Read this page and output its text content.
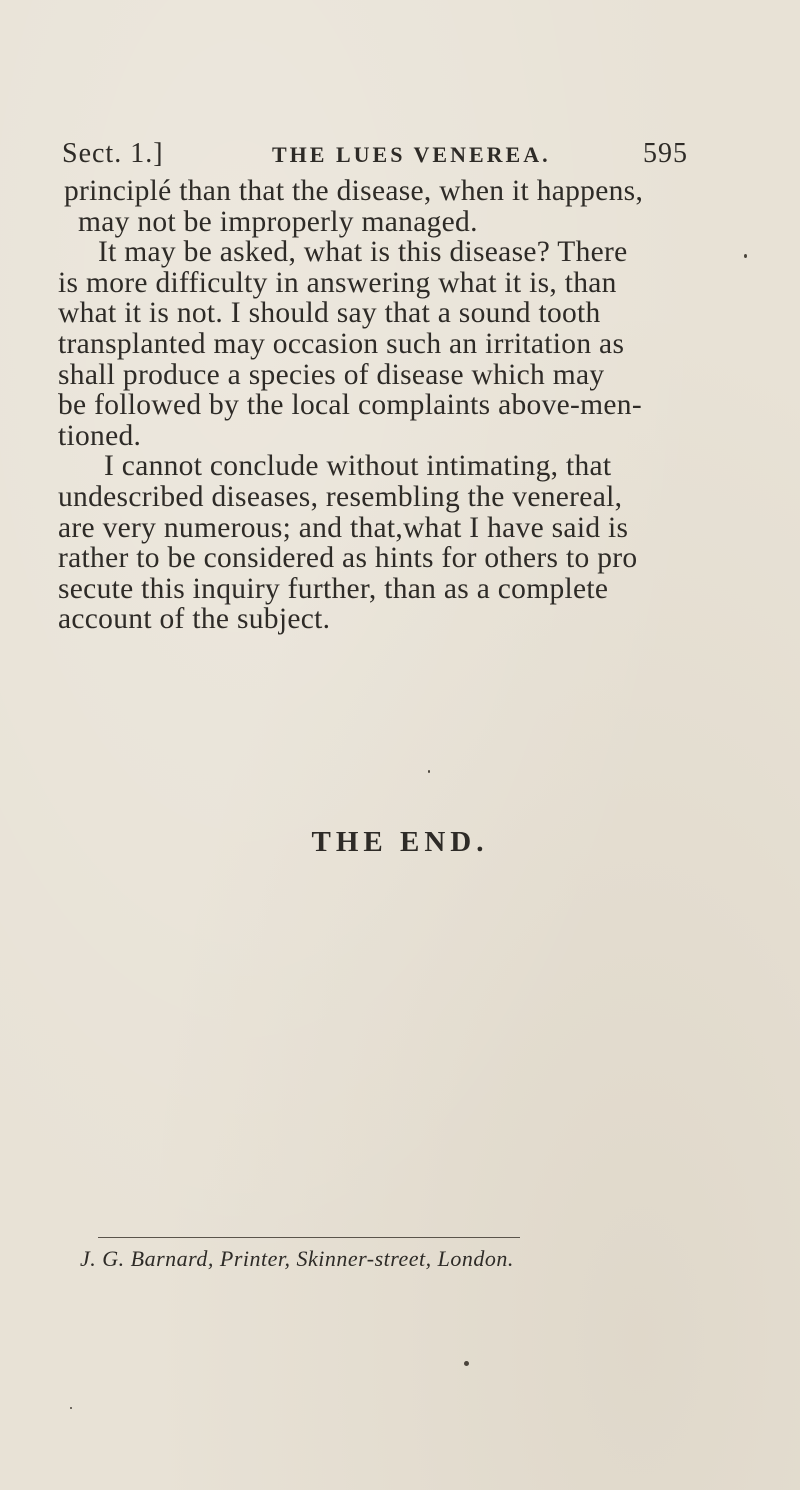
Sect. 1.]	THE LUES VENEREA.	595
principlé than that the disease, when it happens,
may not be improperly managed.
It may be asked, what is this disease? There
is more difficulty in answering what it is, than
what it is not. I should say that a sound tooth
transplanted may occasion such an irritation as
shall produce a species of disease which may
be followed by the local complaints above-men-
tioned.
I cannot conclude without intimating, that
undescribed diseases, resembling the venereal,
are very numerous; and that,what I have said is
rather to be considered as hints for others to pro
secute this inquiry further, than as a complete
account of the subject.
THE END.
J. G. Barnard, Printer, Skinner-street, London.
